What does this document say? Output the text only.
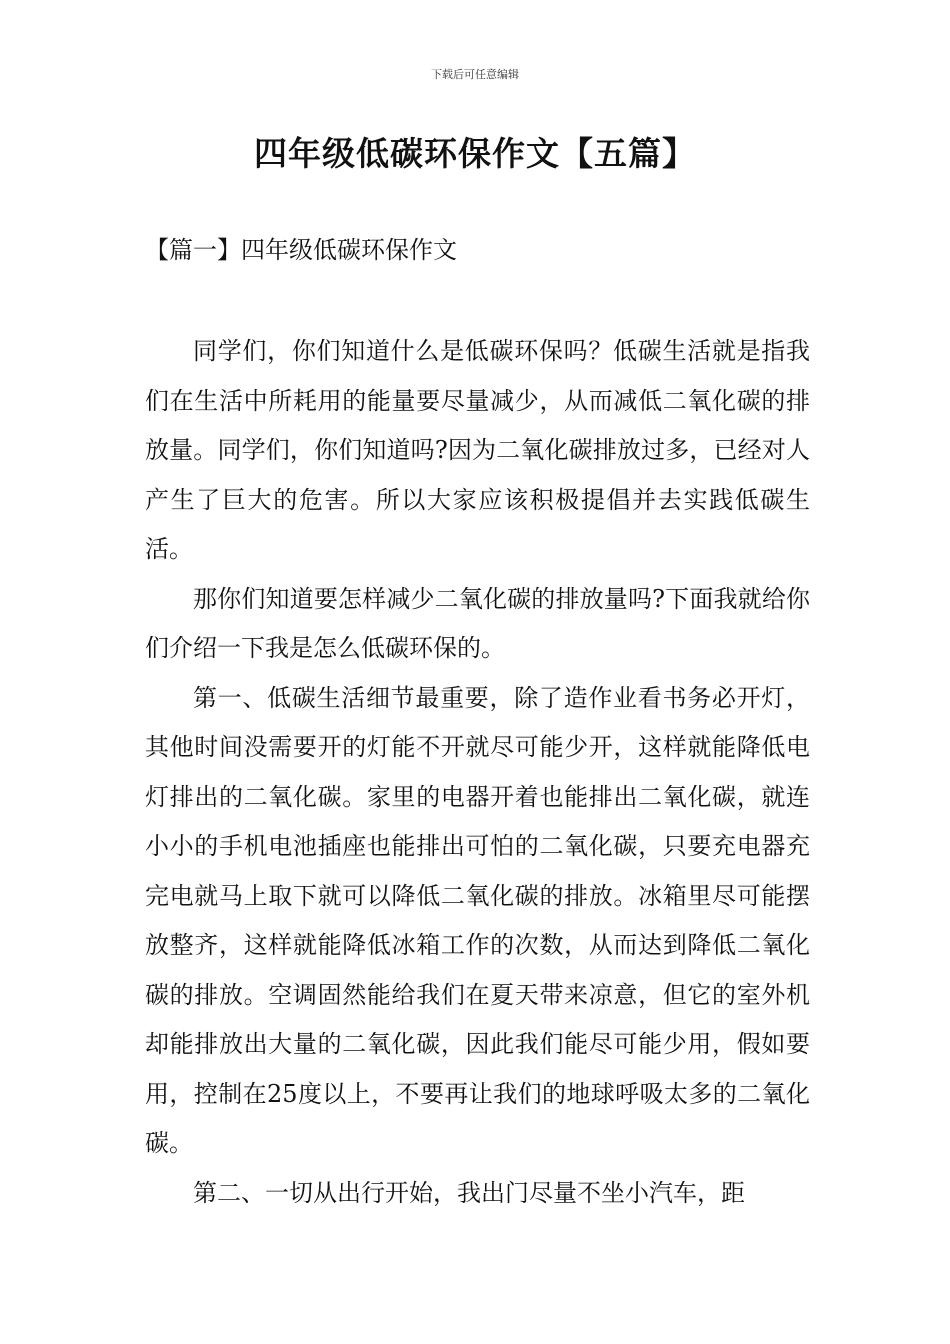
下载后可任意编辑
四年级低碳环保作文【五篇】
【篇一】四年级低碳环保作文

同学们，你们知道什么是低碳环保吗？低碳生活就是指我们在生活中所耗用的能量要尽量减少，从而减低二氧化碳的排放量。同学们，你们知道吗?因为二氧化碳排放过多，已经对人产生了巨大的危害。所以大家应该积极提倡并去实践低碳生活。

那你们知道要怎样减少二氧化碳的排放量吗?下面我就给你们介绍一下我是怎么低碳环保的。

第一、低碳生活细节最重要，除了造作业看书务必开灯，其他时间没需要开的灯能不开就尽可能少开，这样就能降低电灯排出的二氧化碳。家里的电器开着也能排出二氧化碳，就连小小的手机电池插座也能排出可怕的二氧化碳，只要充电器充完电就马上取下就可以降低二氧化碳的排放。冰箱里尽可能摆放整齐，这样就能降低冰箱工作的次数，从而达到降低二氧化碳的排放。空调固然能给我们在夏天带来凉意，但它的室外机却能排放出大量的二氧化碳，因此我们能尽可能少用，假如要用，控制在25度以上，不要再让我们的地球呼吸太多的二氧化碳。

第二、一切从出行开始，我出门尽量不坐小汽车，距
